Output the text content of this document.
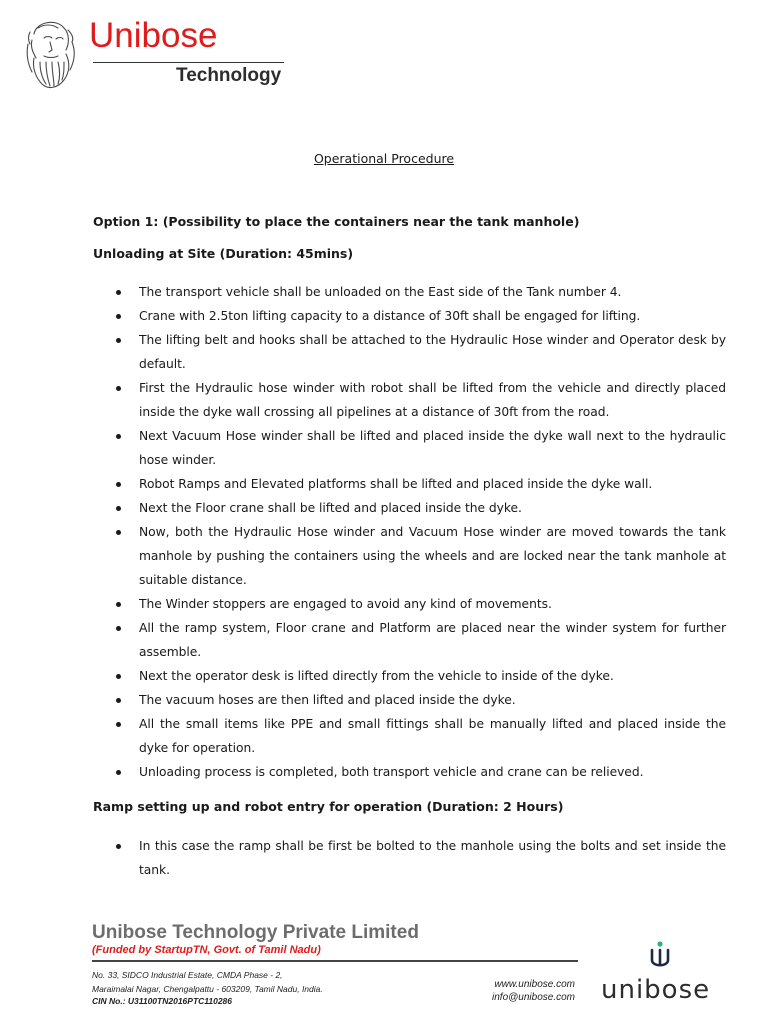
Unibose
Technology
Operational Procedure
Option 1: (Possibility to place the containers near the tank manhole)
Unloading at Site (Duration: 45mins)
The transport vehicle shall be unloaded on the East side of the Tank number 4.
Crane with 2.5ton lifting capacity to a distance of 30ft shall be engaged for lifting.
The lifting belt and hooks shall be attached to the Hydraulic Hose winder and Operator desk by default.
First the Hydraulic hose winder with robot shall be lifted from the vehicle and directly placed inside the dyke wall crossing all pipelines at a distance of 30ft from the road.
Next Vacuum Hose winder shall be lifted and placed inside the dyke wall next to the hydraulic hose winder.
Robot Ramps and Elevated platforms shall be lifted and placed inside the dyke wall.
Next the Floor crane shall be lifted and placed inside the dyke.
Now, both the Hydraulic Hose winder and Vacuum Hose winder are moved towards the tank manhole by pushing the containers using the wheels and are locked near the tank manhole at suitable distance.
The Winder stoppers are engaged to avoid any kind of movements.
All the ramp system, Floor crane and Platform are placed near the winder system for further assemble.
Next the operator desk is lifted directly from the vehicle to inside of the dyke.
The vacuum hoses are then lifted and placed inside the dyke.
All the small items like PPE and small fittings shall be manually lifted and placed inside the dyke for operation.
Unloading process is completed, both transport vehicle and crane can be relieved.
Ramp setting up and robot entry for operation (Duration: 2 Hours)
In this case the ramp shall be first be bolted to the manhole using the bolts and set inside the tank.
Unibose Technology Private Limited
(Funded by StartupTN, Govt. of Tamil Nadu)
No. 33, SIDCO Industrial Estate, CMDA Phase - 2,
Maraimalai Nagar, Chengalpattu - 603209, Tamil Nadu, India.
CIN No.: U31100TN2016PTC110286
www.unibose.com
info@unibose.com unibose
